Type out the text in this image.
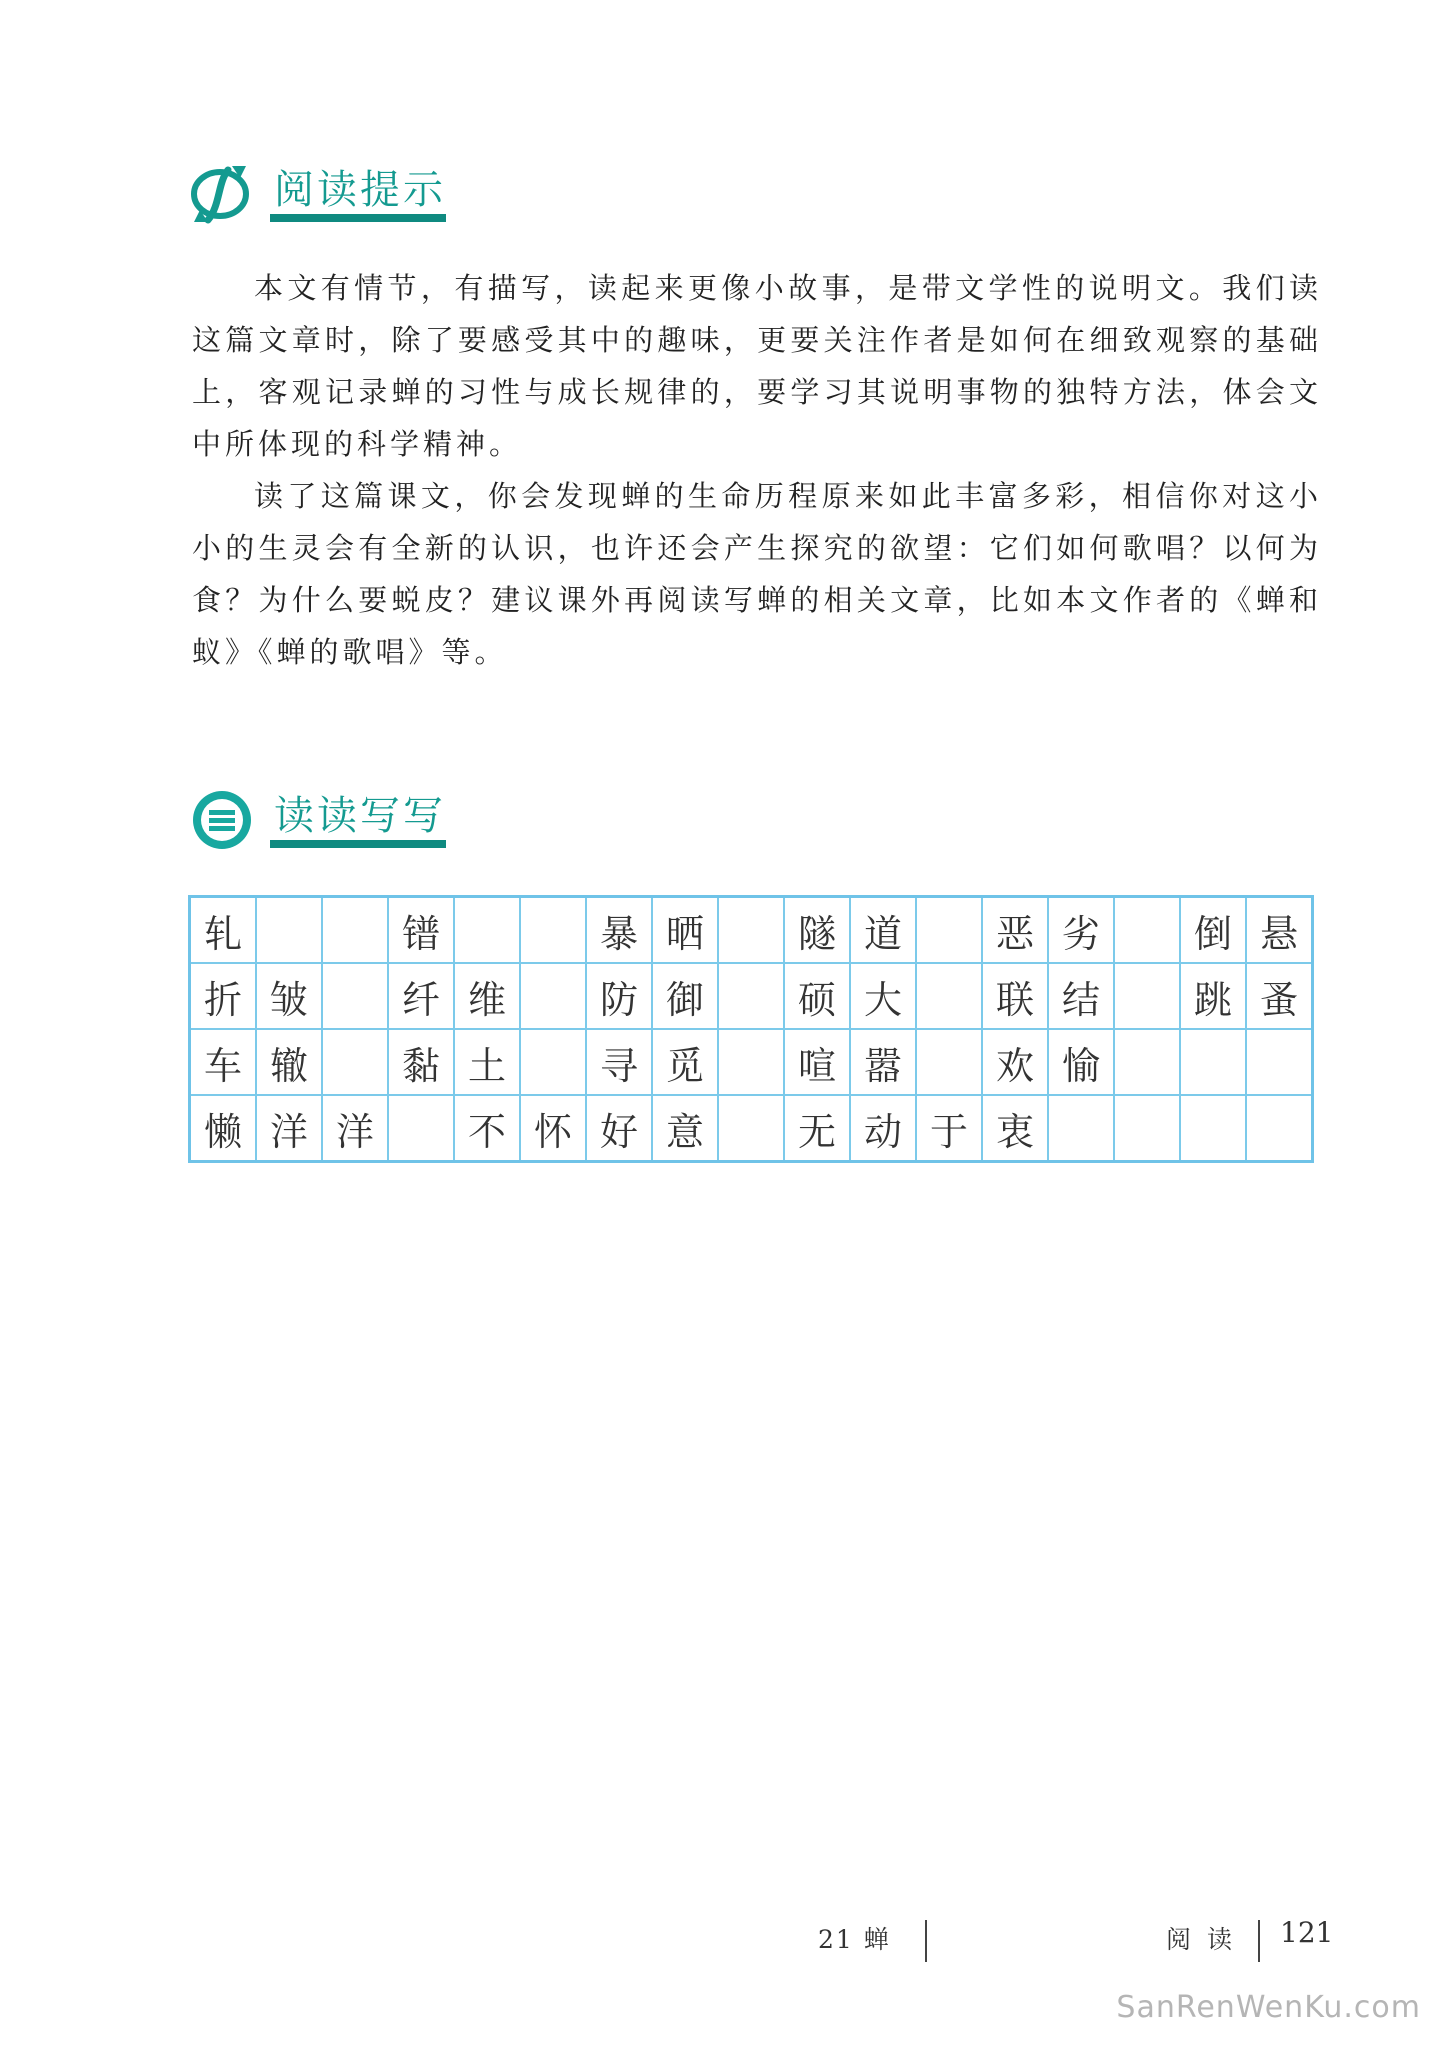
阅读提示

本文有情节，有描写，读起来更像小故事，是带文学性的说明文。我们读这篇文章时，除了要感受其中的趣味，更要关注作者是如何在细致观察的基础上，客观记录蝉的习性与成长规律的，要学习其说明事物的独特方法，体会文中所体现的科学精神。

读了这篇课文，你会发现蝉的生命历程原来如此丰富多彩，相信你对这小小的生灵会有全新的认识，也许还会产生探究的欲望：它们如何歌唱？以何为食？为什么要蜕皮？建议课外再阅读写蝉的相关文章，比如本文作者的《蝉和蚁》《蝉的歌唱》等。

读读写写
轧			镨			暴	晒		隧	道		恶	劣		倒	悬
折	皱		纤	维		防	御		硕	大		联	结		跳	蚤
车	辙		黏	土		寻	觅		喧	嚣		欢	愉			
懒	洋	洋		不	怀	好	意		无	动	于	衷				
21 蝉	阅 读 121
SanRenWenKu.com
